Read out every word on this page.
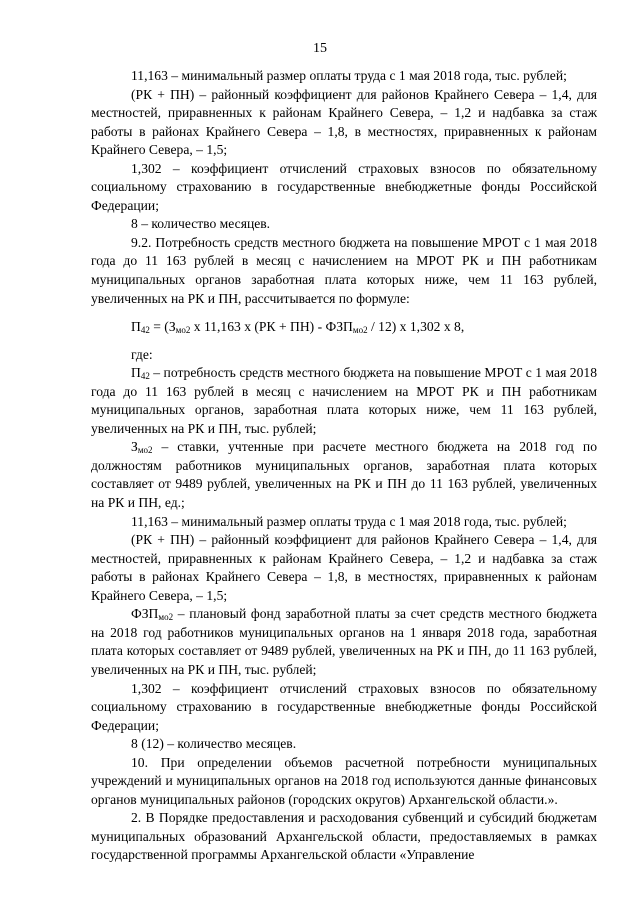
15

11,163 – минимальный размер оплаты труда с 1 мая 2018 года, тыс. рублей;

(РК + ПН) – районный коэффициент для районов Крайнего Севера – 1,4, для местностей, приравненных к районам Крайнего Севера, – 1,2 и надбавка за стаж работы в районах Крайнего Севера – 1,8, в местностях, приравненных к районам Крайнего Севера, – 1,5;

1,302 – коэффициент отчислений страховых взносов по обязательному социальному страхованию в государственные внебюджетные фонды Российской Федерации;

8 – количество месяцев.

9.2. Потребность средств местного бюджета на повышение МРОТ с 1 мая 2018 года до 11 163 рублей в месяц с начислением на МРОТ РК и ПН работникам муниципальных органов заработная плата которых ниже, чем 11 163 рублей, увеличенных на РК и ПН, рассчитывается по формуле:

$П_{42} = (З_{мо2}$ х 11,163 х $(РК + ПН) - ФЗП_{мо2} / 12$) х 1,302 х 8,

где:

$П_{42}$ – потребность средств местного бюджета на повышение МРОТ с 1 мая 2018 года до 11 163 рублей в месяц с начислением на МРОТ РК и ПН работникам муниципальных органов, заработная плата которых ниже, чем 11 163 рублей, увеличенных на РК и ПН, тыс. рублей;

$З_{мо2}$ – ставки, учтенные при расчете местного бюджета на 2018 год по должностям работников муниципальных органов, заработная плата которых составляет от 9489 рублей, увеличенных на РК и ПН до 11 163 рублей, увеличенных на РК и ПН, ед.;

11,163 – минимальный размер оплаты труда с 1 мая 2018 года, тыс. рублей;

(РК + ПН) – районный коэффициент для районов Крайнего Севера – 1,4, для местностей, приравненных к районам Крайнего Севера, – 1,2 и надбавка за стаж работы в районах Крайнего Севера – 1,8, в местностях, приравненных к районам Крайнего Севера, – 1,5;

$ФЗП_{мо2}$ – плановый фонд заработной платы за счет средств местного бюджета на 2018 год работников муниципальных органов на 1 января 2018 года, заработная плата которых составляет от 9489 рублей, увеличенных на РК и ПН, до 11 163 рублей, увеличенных на РК и ПН, тыс. рублей;

1,302 – коэффициент отчислений страховых взносов по обязательному социальному страхованию в государственные внебюджетные фонды Российской Федерации;

8 (12) – количество месяцев.

10. При определении объемов расчетной потребности муниципальных учреждений и муниципальных органов на 2018 год используются данные финансовых органов муниципальных районов (городских округов) Архангельской области.».

2. В Порядке предоставления и расходования субвенций и субсидий бюджетам муниципальных образований Архангельской области, предоставляемых в рамках государственной программы Архангельской области «Управление
